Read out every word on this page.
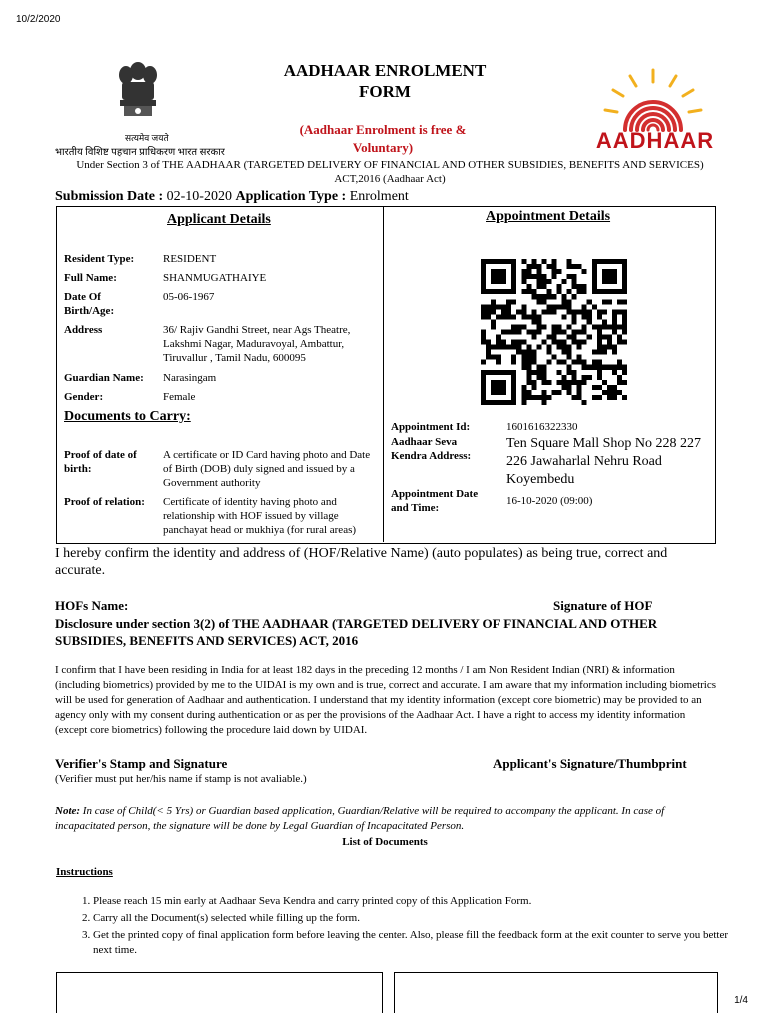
10/2/2020
सत्यमेव जयते
भारतीय विशिष्ट पहचान प्राधिकरण भारत सरकार
AADHAAR ENROLMENT FORM
(Aadhaar Enrolment is free & Voluntary)	AADHAAR
Under Section 3 of THE AADHAAR (TARGETED DELIVERY OF FINANCIAL AND OTHER SUBSIDIES, BENEFITS AND SERVICES) ACT,2016 (Aadhaar Act)
Submission Date : 02-10-2020 Application Type : Enrolment
Applicant Details
Resident Type:	RESIDENT
Full Name:	SHANMUGATHAIYE
Date Of Birth/Age:
05-06-1967
Address	36/ Rajiv Gandhi Street, near Ags Theatre, Lakshmi Nagar, Maduravoyal, Ambattur, Tiruvallur , Tamil Nadu, 600095
Guardian Name:	Narasingam
Gender:	Female
Documents to Carry:
Proof of date of birth:
A certificate or ID Card having photo and Date of Birth (DOB) duly signed and issued by a Government authority
Proof of relation:	Certificate of identity having photo and relationship with HOF issued by village panchayat head or mukhiya (for rural areas)
Appointment Details
Appointment Id:	1601616322330
Aadhaar Seva Kendra Address:
Ten Square Mall Shop No 228 227 226 Jawaharlal Nehru Road Koyembedu
Appointment Date and Time:
16-10-2020 (09:00)
I hereby confirm the identity and address of (HOF/Relative Name) (auto populates) as being true, correct and accurate.
HOFs Name:	Signature of HOF
Disclosure under section 3(2) of THE AADHAAR (TARGETED DELIVERY OF FINANCIAL AND OTHER SUBSIDIES, BENEFITS AND SERVICES) ACT, 2016
I confirm that I have been residing in India for at least 182 days in the preceding 12 months / I am Non Resident Indian (NRI) & information (including biometrics) provided by me to the UIDAI is my own and is true, correct and accurate. I am aware that my information including biometrics will be used for generation of Aadhaar and authentication. I understand that my identity information (except core biometric) may be provided to an agency only with my consent during authentication or as per the provisions of the Aadhaar Act. I have a right to access my identity information (except core biometrics) following the procedure laid down by UIDAI.
Verifier's Stamp and Signature
(Verifier must put her/his name if stamp is not avaliable.)
Applicant's Signature/Thumbprint
Note: In case of Child(< 5 Yrs) or Guardian based application, Guardian/Relative will be required to accompany the applicant. In case of incapacitated person, the signature will be done by Legal Guardian of Incapacitated Person.
List of Documents
Instructions
1. Please reach 15 min early at Aadhaar Seva Kendra and carry printed copy of this Application Form.
2. Carry all the Document(s) selected while filling up the form.
3. Get the printed copy of final application form before leaving the center. Also, please fill the feedback form at the exit counter to serve you better next time.
1/4
